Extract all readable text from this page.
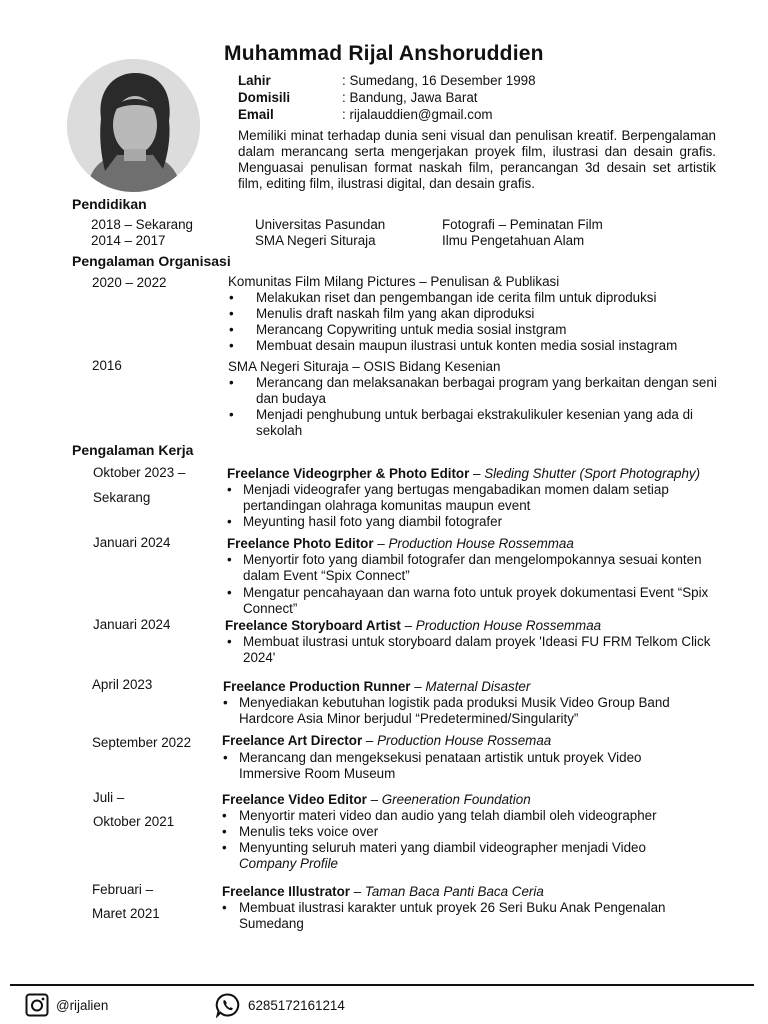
Muhammad Rijal Anshoruddien
Lahir	: Sumedang, 16 Desember 1998
Domisili	: Bandung, Jawa Barat
Email	: rijalauddien@gmail.com
Memiliki minat terhadap dunia seni visual dan penulisan kreatif. Berpengalaman dalam merancang serta mengerjakan proyek film, ilustrasi dan desain grafis. Menguasai penulisan format naskah film, perancangan 3d desain set artistik film, editing film, ilustrasi digital, dan desain grafis.
Pendidikan
2018 – Sekarang	Universitas Pasundan	Fotografi – Peminatan Film
2014 – 2017	SMA Negeri Situraja	Ilmu Pengetahuan Alam
Pengalaman Organisasi
2020 – 2022	Komunitas Film Milang Pictures – Penulisan & Publikasi
•	Melakukan riset dan pengembangan ide cerita film untuk diproduksi
•	Menulis draft naskah film yang akan diproduksi
•	Merancang Copywriting untuk media sosial instgram
•	Membuat desain maupun ilustrasi untuk konten media sosial instagram
2016	SMA Negeri Situraja – OSIS Bidang Kesenian
•	Merancang dan melaksanakan berbagai program yang berkaitan dengan seni dan budaya
•	Menjadi penghubung untuk berbagai ekstrakulikuler kesenian yang ada di sekolah
Pengalaman Kerja
Oktober 2023 –
Sekarang
Freelance Videogrpher & Photo Editor – Sleding Shutter (Sport Photography)
• Menjadi videografer yang bertugas mengabadikan momen dalam setiap pertandingan olahraga komunitas maupun event
• Meyunting hasil foto yang diambil fotografer
Januari 2024	Freelance Photo Editor – Production House Rossemmaa
• Menyortir foto yang diambil fotografer dan mengelompokannya sesuai konten dalam Event “Spix Connect”
• Mengatur pencahayaan dan warna foto untuk proyek dokumentasi Event “Spix Connect”
Januari 2024	Freelance Storyboard Artist – Production House Rossemmaa
• Membuat ilustrasi untuk storyboard dalam proyek 'Ideasi FU FRM Telkom Click 2024'
April 2023	Freelance Production Runner – Maternal Disaster
• Menyediakan kebutuhan logistik pada produksi Musik Video Group Band Hardcore Asia Minor berjudul “Predetermined/Singularity”
September 2022 Freelance Art Director – Production House Rossemaa
• Merancang dan mengeksekusi penataan artistik untuk proyek Video Immersive Room Museum
Juli –
Oktober 2021
Freelance Video Editor – Greeneration Foundation
• Menyortir materi video dan audio yang telah diambil oleh videographer
• Menulis teks voice over
• Menyunting seluruh materi yang diambil videographer menjadi Video Company Profile
Februari –
Maret 2021
Freelance Illustrator – Taman Baca Panti Baca Ceria
• Membuat ilustrasi karakter untuk proyek 26 Seri Buku Anak Pengenalan Sumedang
@rijalien	6285172161214
